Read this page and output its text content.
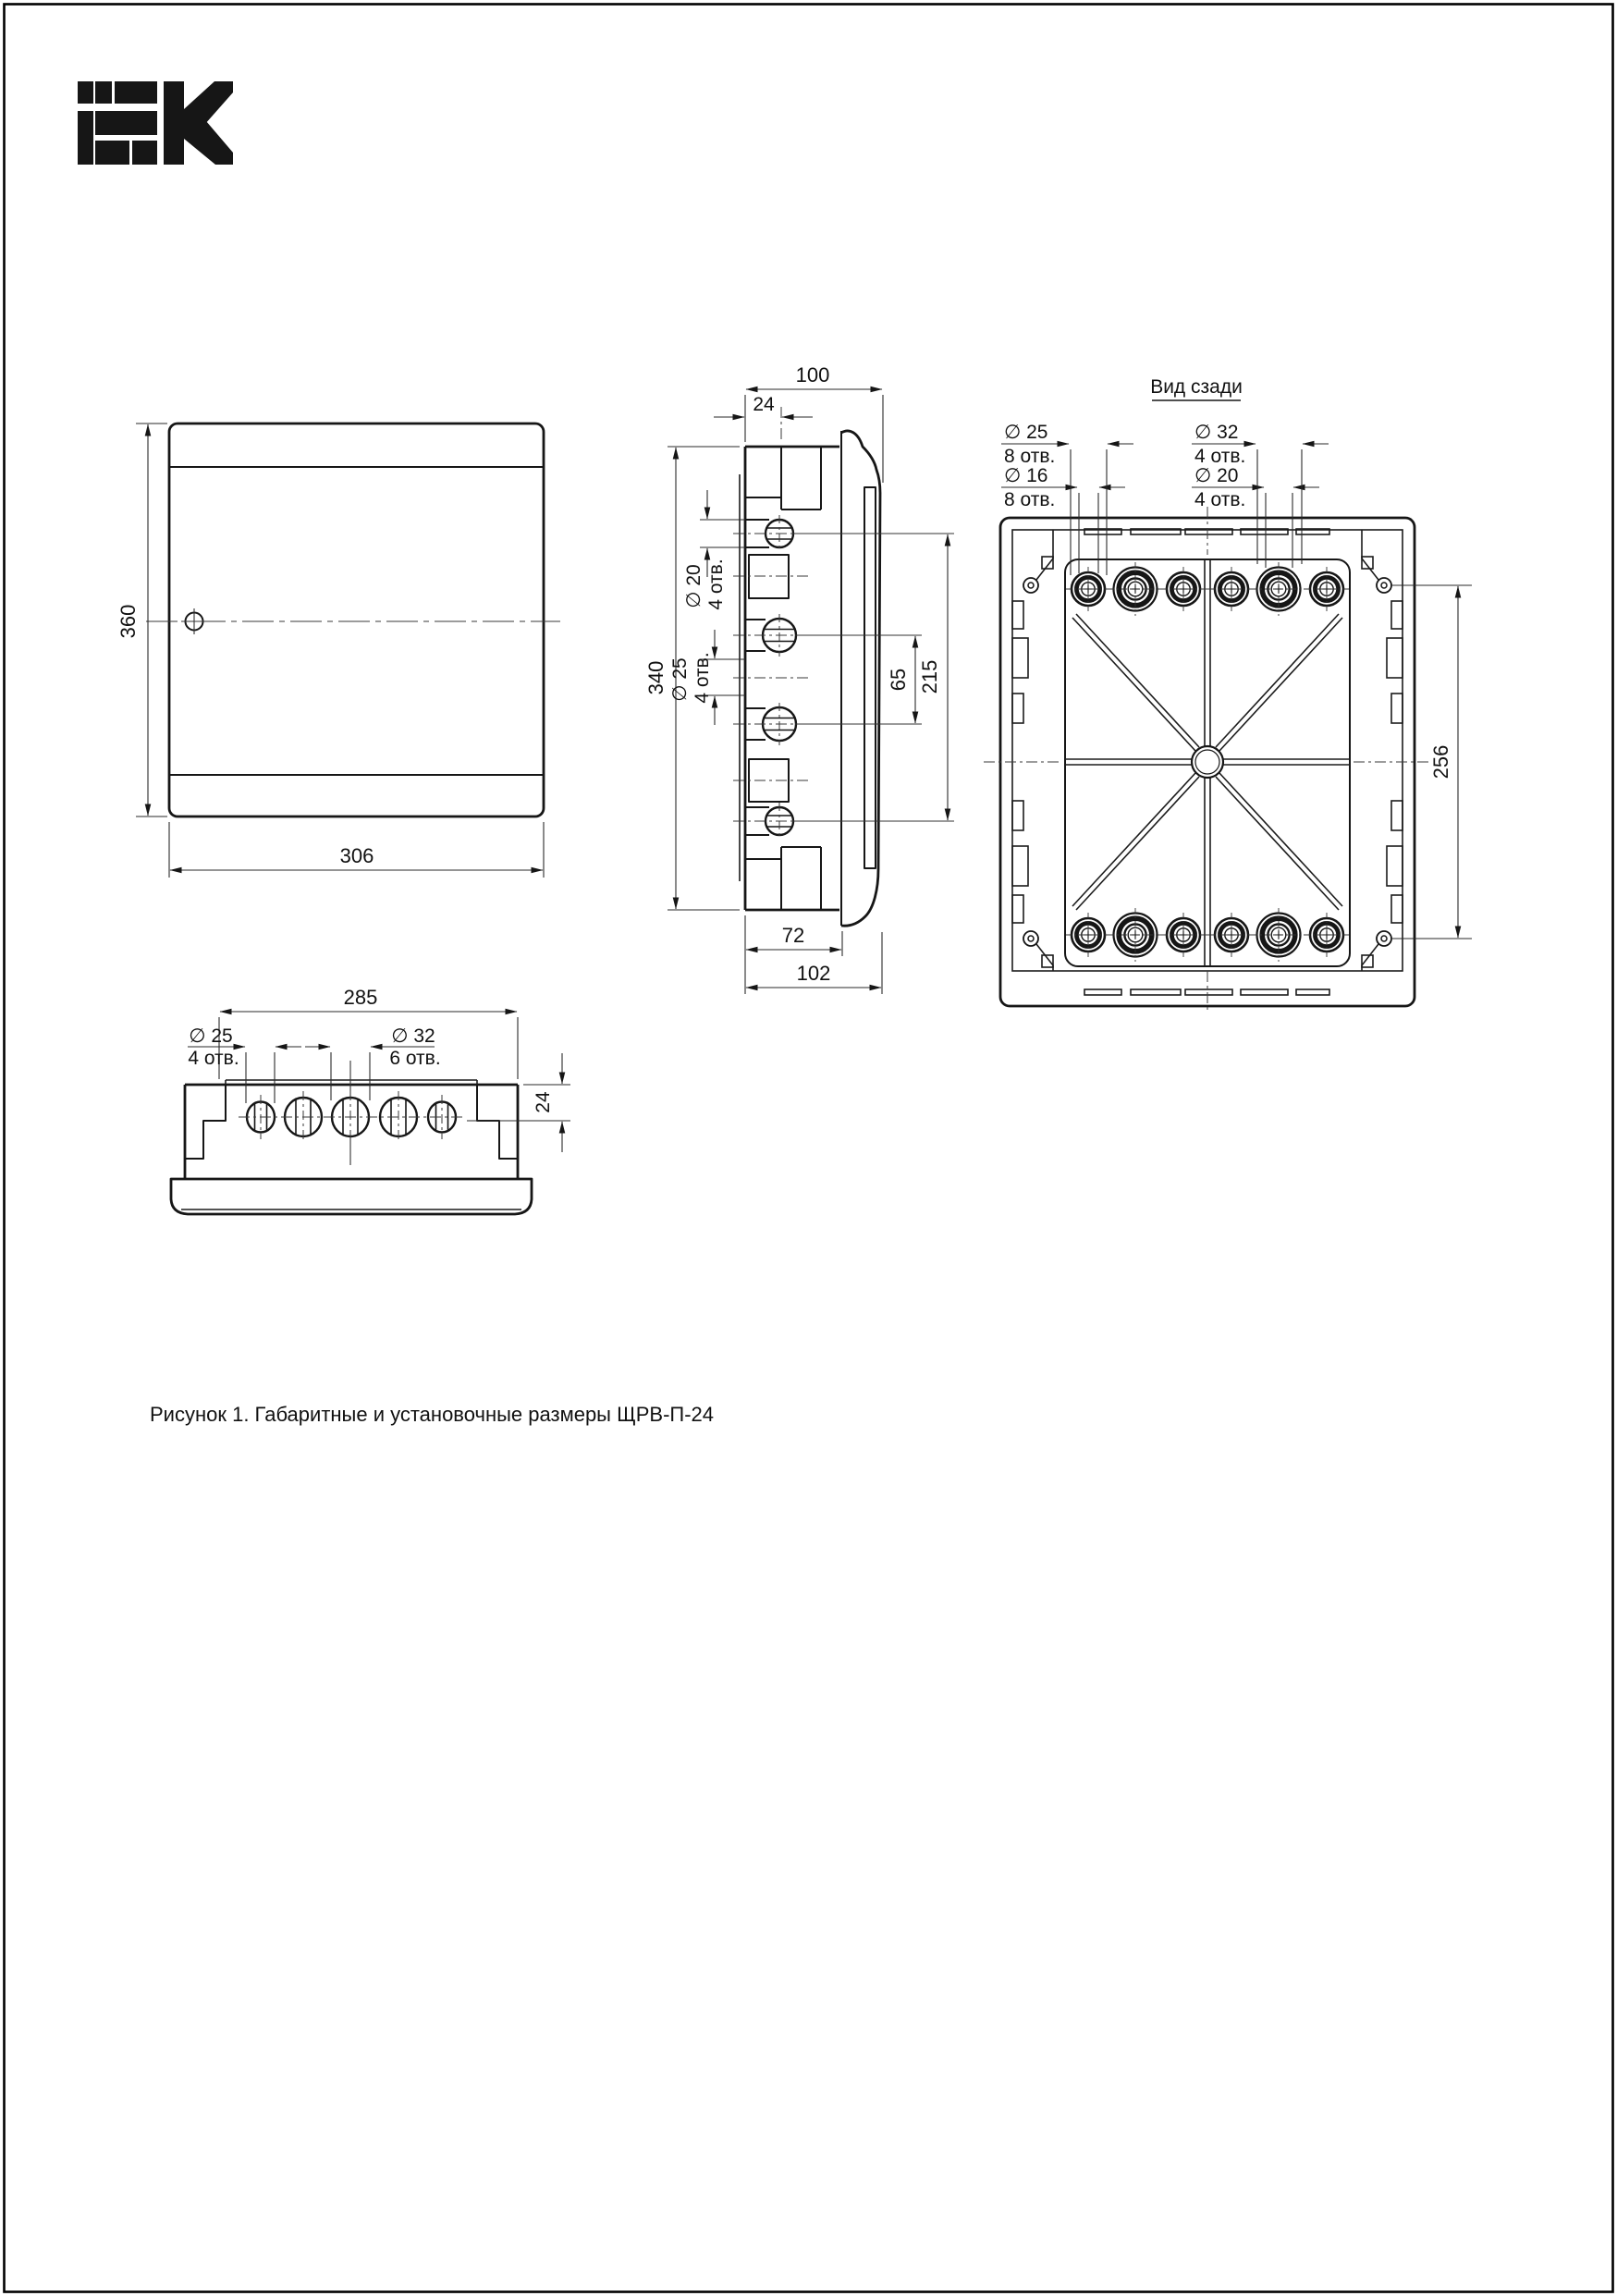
360
306
285
∅ 25
4 отв.
∅ 32
6 отв.
24
100
24
340
∅ 20 4 отв.
∅ 25 4 отв.	65 215
72
102
Вид сзади
∅ 25
8 отв.
∅ 16
8 отв.
∅ 32
4 отв.
∅ 20
4 отв.
256
Рисунок 1. Габаритные и установочные размеры ЩРВ-П-24
